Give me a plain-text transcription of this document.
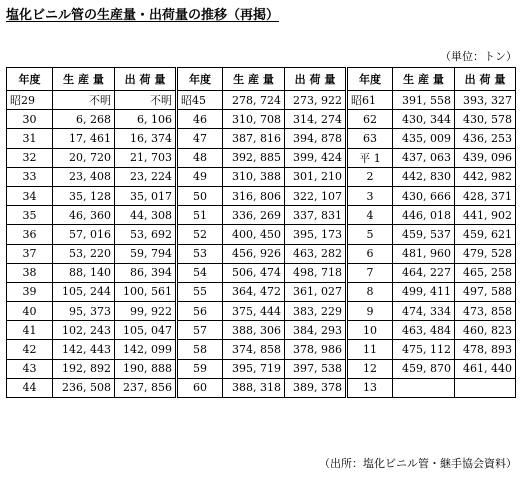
塩化ビニル管の生産量・出荷量の推移（再掲）
（単位：トン）
年度	生 産 量	出 荷 量	年度	生 産 量	出 荷 量	年度	生 産 量	出 荷 量
昭29	不明	不明	昭45	278, 724	273, 922	昭61	391, 558	393, 327
30	6, 268	6, 106	46	310, 708	314, 274	62	430, 344	430, 578
31	17, 461	16, 374	47	387, 816	394, 878	63	435, 009	436, 253
32	20, 720	21, 703	48	392, 885	399, 424	平 1	437, 063	439, 096
33	23, 408	23, 224	49	310, 388	301, 210	2	442, 830	442, 982
34	35, 128	35, 017	50	316, 806	322, 107	3	430, 666	428, 371
35	46, 360	44, 308	51	336, 269	337, 831	4	446, 018	441, 902
36	57, 016	53, 692	52	400, 450	395, 173	5	459, 537	459, 621
37	53, 220	59, 794	53	456, 926	463, 282	6	481, 960	479, 528
38	88, 140	86, 394	54	506, 474	498, 718	7	464, 227	465, 258
39	105, 244	100, 561	55	364, 472	361, 027	8	499, 411	497, 588
40	95, 373	99, 922	56	375, 444	383, 229	9	474, 334	473, 858
41	102, 243	105, 047	57	388, 306	384, 293	10	463, 484	460, 823
42	142, 443	142, 099	58	374, 858	378, 986	11	475, 112	478, 893
43	192, 892	190, 888	59	395, 719	397, 538	12	459, 870	461, 440
44	236, 508	237, 856	60	388, 318	389, 378	13		
（出所：塩化ビニル管・継手協会資料）
